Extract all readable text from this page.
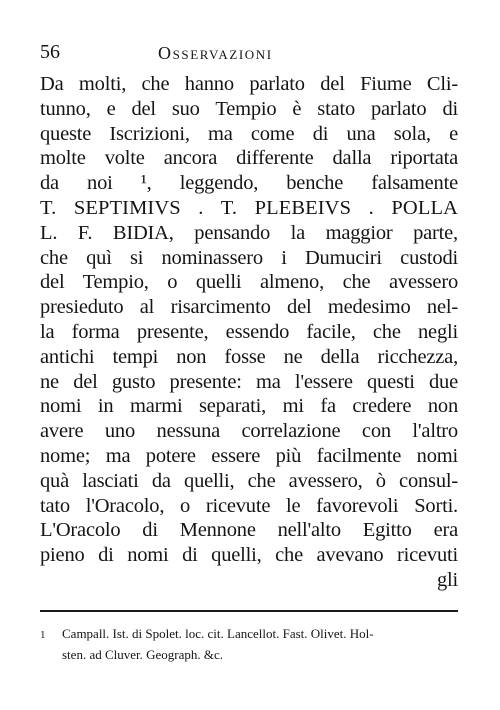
56	Osservazioni
Da molti, che hanno parlato del Fiume Cli-
tunno, e del suo Tempio è stato parlato di
queste Iscrizioni, ma come di una sola, e
molte volte ancora differente dalla riportata
da noi ¹, leggendo, benche falsamente
T. SEPTIMIVS . T. PLEBEIVS . POLLA
L. F. BIDIA, pensando la maggior parte,
che quì si nominassero i Dumuciri custodi
del Tempio, o quelli almeno, che avessero
presieduto al risarcimento del medesimo nel-
la forma presente, essendo facile, che negli
antichi tempi non fosse ne della ricchezza,
ne del gusto presente: ma l'essere questi due
nomi in marmi separati, mi fa credere non
avere uno nessuna correlazione con l'altro
nome; ma potere essere più facilmente nomi
quà lasciati da quelli, che avessero, ò consul-
tato l'Oracolo, o ricevute le favorevoli Sorti.
L'Oracolo di Mennone nell'alto Egitto era
pieno di nomi di quelli, che avevano ricevuti
gli
1 Campall. Ist. di Spolet. loc. cit. Lancellot. Fast. Olivet. Hol-
sten. ad Cluver. Geograph. &c.
